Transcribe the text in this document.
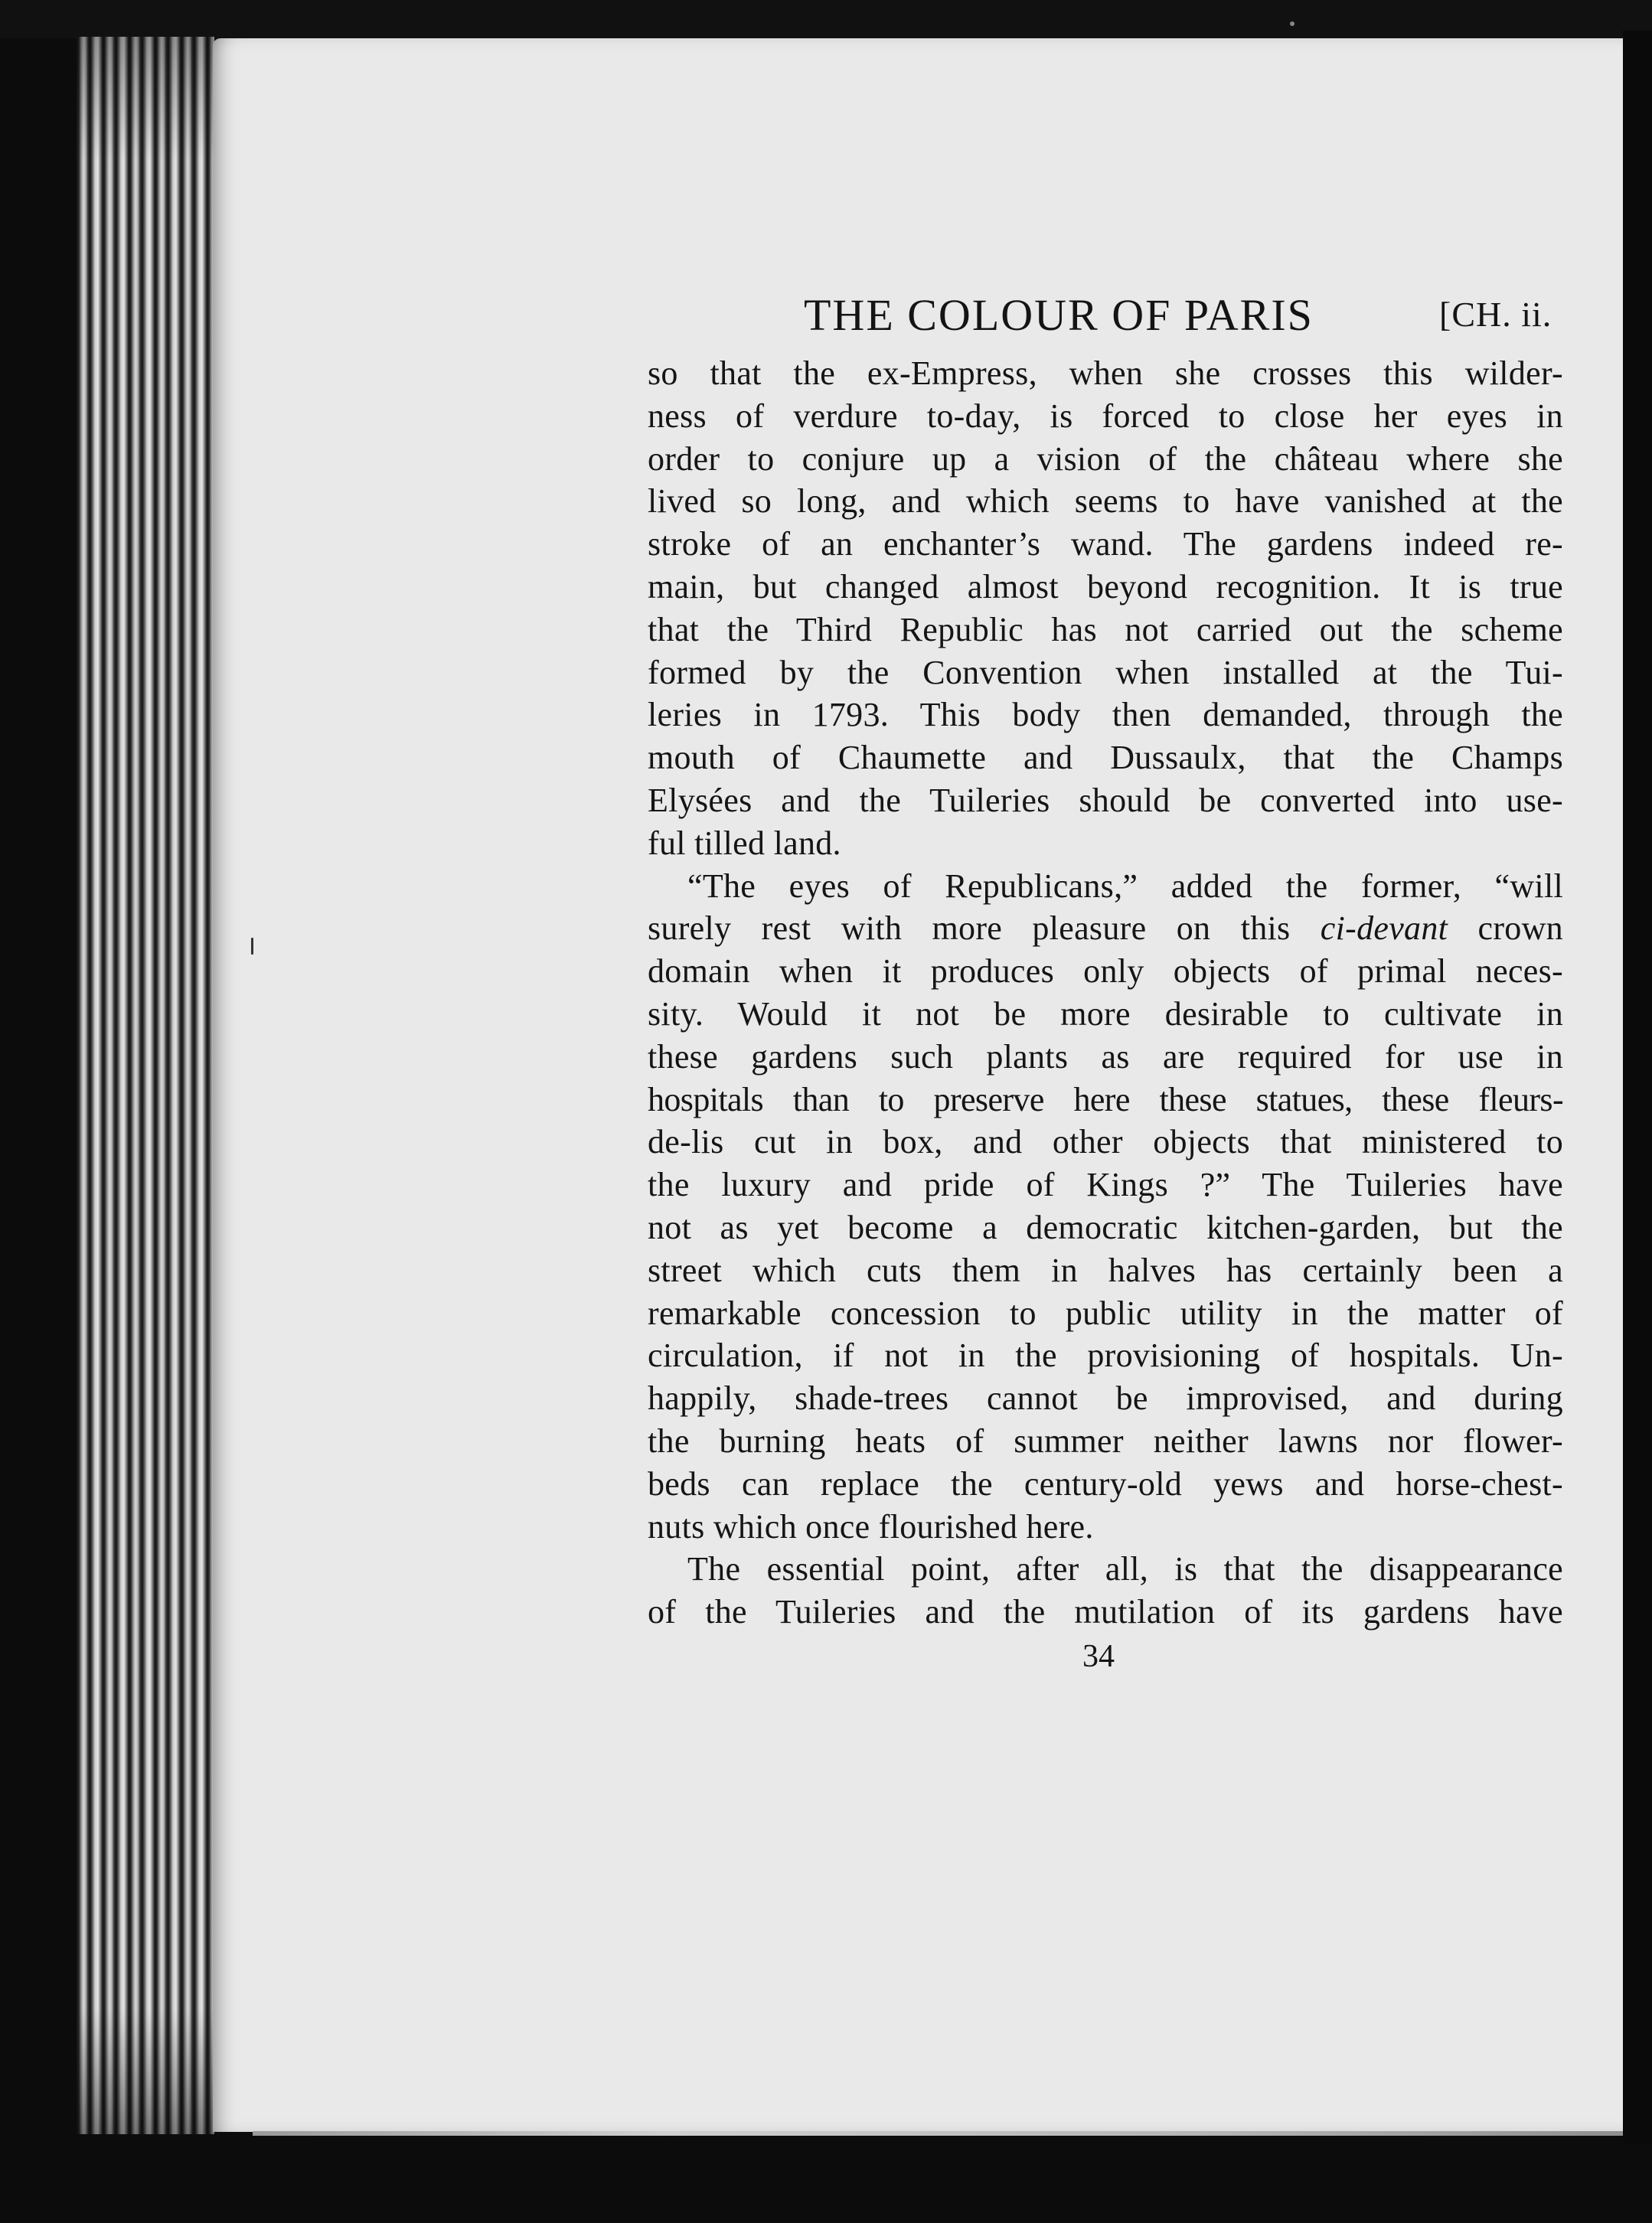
THE COLOUR OF PARIS	[CH. ii.
so that the ex-Empress, when she crosses this wilder-
ness of verdure to-day, is forced to close her eyes in
order to conjure up a vision of the château where she
lived so long, and which seems to have vanished at the
stroke of an enchanter’s wand. The gardens indeed re-
main, but changed almost beyond recognition. It is true
that the Third Republic has not carried out the scheme
formed by the Convention when installed at the Tui-
leries in 1793. This body then demanded, through the
mouth of Chaumette and Dussaulx, that the Champs
Elysées and the Tuileries should be converted into use-
ful tilled land.
“The eyes of Republicans,” added the former, “will
surely rest with more pleasure on this ci-devant crown
domain when it produces only objects of primal neces-
sity. Would it not be more desirable to cultivate in
these gardens such plants as are required for use in
hospitals than to preserve here these statues, these fleurs-
de-lis cut in box, and other objects that ministered to
the luxury and pride of Kings ?” The Tuileries have
not as yet become a democratic kitchen-garden, but the
street which cuts them in halves has certainly been a
remarkable concession to public utility in the matter of
circulation, if not in the provisioning of hospitals. Un-
happily, shade-trees cannot be improvised, and during
the burning heats of summer neither lawns nor flower-
beds can replace the century-old yews and horse-chest-
nuts which once flourished here.
The essential point, after all, is that the disappearance
of the Tuileries and the mutilation of its gardens have
34
